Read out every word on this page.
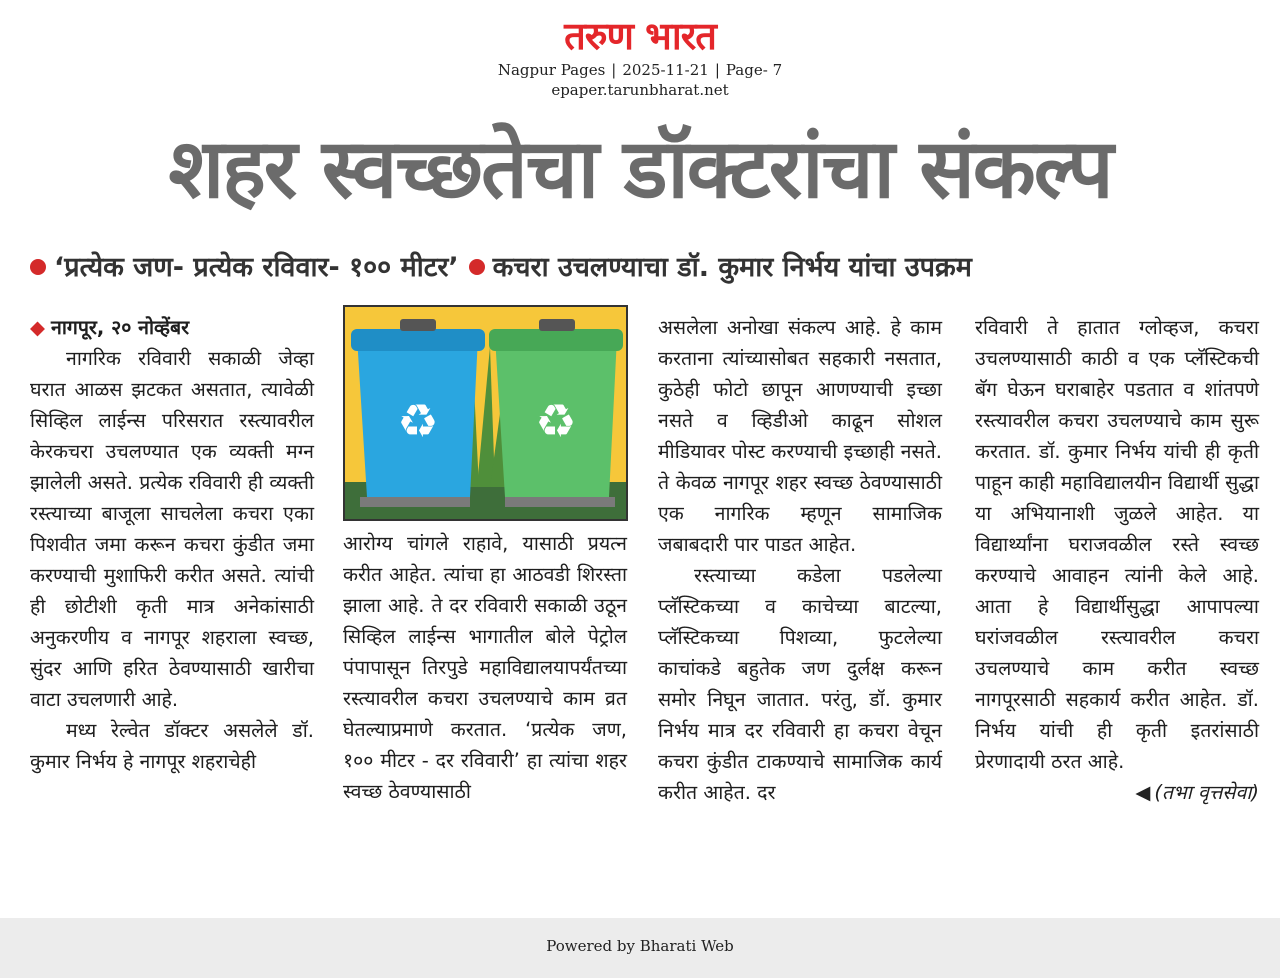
तरुण भारत
Nagpur Pages | 2025-11-21 | Page- 7
epaper.tarunbharat.net
शहर स्वच्छतेचा डॉक्टरांचा संकल्प
‘प्रत्येक जण- प्रत्येक रविवार- १०० मीटर’ कचरा उचलण्याचा डॉ. कुमार निर्भय यांचा उपक्रम

◆ नागपूर, २० नोव्हेंबर

नागरिक रविवारी सकाळी जेव्हा घरात आळस झटकत असतात, त्यावेळी सिव्हिल लाईन्स परिसरात रस्त्यावरील केरकचरा उचलण्यात एक व्यक्ती मग्न झालेली असते. प्रत्येक रविवारी ही व्यक्ती रस्त्याच्या बाजूला साचलेला कचरा एका पिशवीत जमा करून कचरा कुंडीत जमा करण्याची मुशाफिरी करीत असते. त्यांची ही छोटीशी कृती मात्र अनेकांसाठी अनुकरणीय व नागपूर शहराला स्वच्छ, सुंदर आणि हरित ठेवण्यासाठी खारीचा वाटा उचलणारी आहे.

मध्य रेल्वेत डॉक्टर असलेले डॉ. कुमार निर्भय हे नागपूर शहराचेही

♻ ♻

आरोग्य चांगले राहावे, यासाठी प्रयत्न करीत आहेत. त्यांचा हा आठवडी शिरस्ता झाला आहे. ते दर रविवारी सकाळी उठून सिव्हिल लाईन्स भागातील बोले पेट्रोल पंपापासून तिरपुडे महाविद्यालयापर्यंतच्या रस्त्यावरील कचरा उचलण्याचे काम व्रत घेतल्याप्रमाणे करतात. ‘प्रत्येक जण, १०० मीटर - दर रविवारी’ हा त्यांचा शहर स्वच्छ ठेवण्यासाठी

असलेला अनोखा संकल्प आहे. हे काम करताना त्यांच्यासोबत सहकारी नसतात, कुठेही फोटो छापून आणण्याची इच्छा नसते व व्हिडीओ काढून सोशल मीडियावर पोस्ट करण्याची इच्छाही नसते. ते केवळ नागपूर शहर स्वच्छ ठेवण्यासाठी एक नागरिक म्हणून सामाजिक जबाबदारी पार पाडत आहेत.

रस्त्याच्या कडेला पडलेल्या प्लॅस्टिकच्या व काचेच्या बाटल्या, प्लॅस्टिकच्या पिशव्या, फुटलेल्या काचांकडे बहुतेक जण दुर्लक्ष करून समोर निघून जातात. परंतु, डॉ. कुमार निर्भय मात्र दर रविवारी हा कचरा वेचून कचरा कुंडीत टाकण्याचे सामाजिक कार्य करीत आहेत. दर

रविवारी ते हातात ग्लोव्हज, कचरा उचलण्यासाठी काठी व एक प्लॅस्टिकची बॅग घेऊन घराबाहेर पडतात व शांतपणे रस्त्यावरील कचरा उचलण्याचे काम सुरू करतात. डॉ. कुमार निर्भय यांची ही कृती पाहून काही महाविद्यालयीन विद्यार्थी सुद्धा या अभियानाशी जुळले आहेत. या विद्यार्थ्यांना घराजवळील रस्ते स्वच्छ करण्याचे आवाहन त्यांनी केले आहे. आता हे विद्यार्थीसुद्धा आपापल्या घरांजवळील रस्त्यावरील कचरा उचलण्याचे काम करीत स्वच्छ नागपूरसाठी सहकार्य करीत आहेत. डॉ. निर्भय यांची ही कृती इतरांसाठी प्रेरणादायी ठरत आहे.

◀ (तभा वृत्तसेवा)

Powered by Bharati Web
